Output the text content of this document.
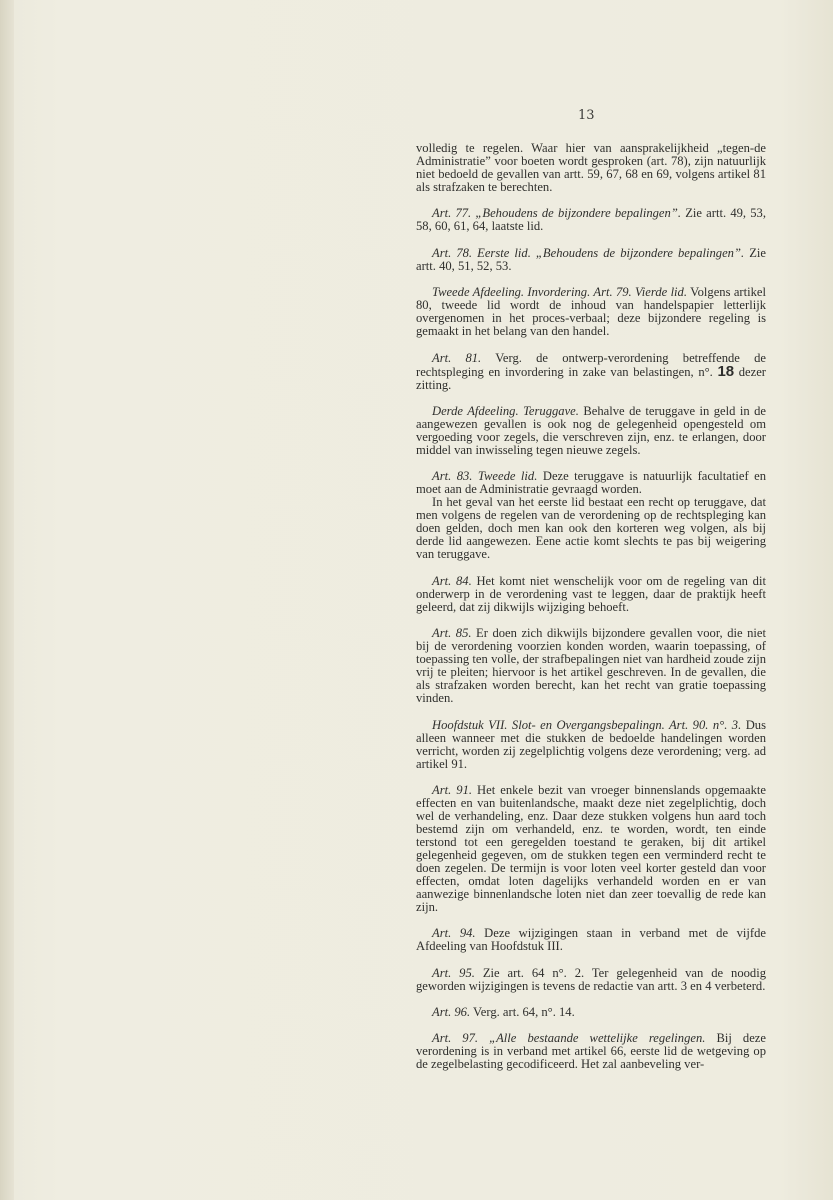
13

volledig te regelen. Waar hier van aansprakelijkheid „tegen-de Administratie” voor boeten wordt gesproken (art. 78), zijn natuurlijk niet bedoeld de gevallen van artt. 59, 67, 68 en 69, volgens artikel 81 als strafzaken te berechten.

Art. 77. „Behoudens de bijzondere bepalingen”. Zie artt. 49, 53, 58, 60, 61, 64, laatste lid.

Art. 78. Eerste lid. „Behoudens de bijzondere bepalingen”. Zie artt. 40, 51, 52, 53.

Tweede Afdeeling. Invordering. Art. 79. Vierde lid. Volgens artikel 80, tweede lid wordt de inhoud van handelspapier letterlijk overgenomen in het proces-verbaal; deze bijzondere regeling is gemaakt in het belang van den handel.

Art. 81. Verg. de ontwerp-verordening betreffende de rechtspleging en invordering in zake van belastingen, n°. 18 dezer zitting.

Derde Afdeeling. Teruggave. Behalve de teruggave in geld in de aangewezen gevallen is ook nog de gelegenheid opengesteld om vergoeding voor zegels, die verschreven zijn, enz. te erlangen, door middel van inwisseling tegen nieuwe zegels.

Art. 83. Tweede lid. Deze teruggave is natuurlijk facultatief en moet aan de Administratie gevraagd worden.

In het geval van het eerste lid bestaat een recht op teruggave, dat men volgens de regelen van de verordening op de rechtspleging kan doen gelden, doch men kan ook den korteren weg volgen, als bij derde lid aangewezen. Eene actie komt slechts te pas bij weigering van teruggave.

Art. 84. Het komt niet wenschelijk voor om de regeling van dit onderwerp in de verordening vast te leggen, daar de praktijk heeft geleerd, dat zij dikwijls wijziging behoeft.

Art. 85. Er doen zich dikwijls bijzondere gevallen voor, die niet bij de verordening voorzien konden worden, waarin toepassing, of toepassing ten volle, der strafbepalingen niet van hardheid zoude zijn vrij te pleiten; hiervoor is het artikel geschreven. In de gevallen, die als strafzaken worden berecht, kan het recht van gratie toepassing vinden.

Hoofdstuk VII. Slot- en Overgangsbepalingn. Art. 90. n°. 3. Dus alleen wanneer met die stukken de bedoelde handelingen worden verricht, worden zij zegelplichtig volgens deze verordening; verg. ad artikel 91.

Art. 91. Het enkele bezit van vroeger binnenslands opgemaakte effecten en van buitenlandsche, maakt deze niet zegelplichtig, doch wel de verhandeling, enz. Daar deze stukken volgens hun aard toch bestemd zijn om verhandeld, enz. te worden, wordt, ten einde terstond tot een geregelden toestand te geraken, bij dit artikel gelegenheid gegeven, om de stukken tegen een verminderd recht te doen zegelen. De termijn is voor loten veel korter gesteld dan voor effecten, omdat loten dagelijks verhandeld worden en er van aanwezige binnenlandsche loten niet dan zeer toevallig de rede kan zijn.

Art. 94. Deze wijzigingen staan in verband met de vijfde Afdeeling van Hoofdstuk III.

Art. 95. Zie art. 64 n°. 2. Ter gelegenheid van de noodig geworden wijzigingen is tevens de redactie van artt. 3 en 4 verbeterd.

Art. 96. Verg. art. 64, n°. 14.

Art. 97. „Alle bestaande wettelijke regelingen. Bij deze verordening is in verband met artikel 66, eerste lid de wetgeving op de zegelbelasting gecodificeerd. Het zal aanbeveling ver-
